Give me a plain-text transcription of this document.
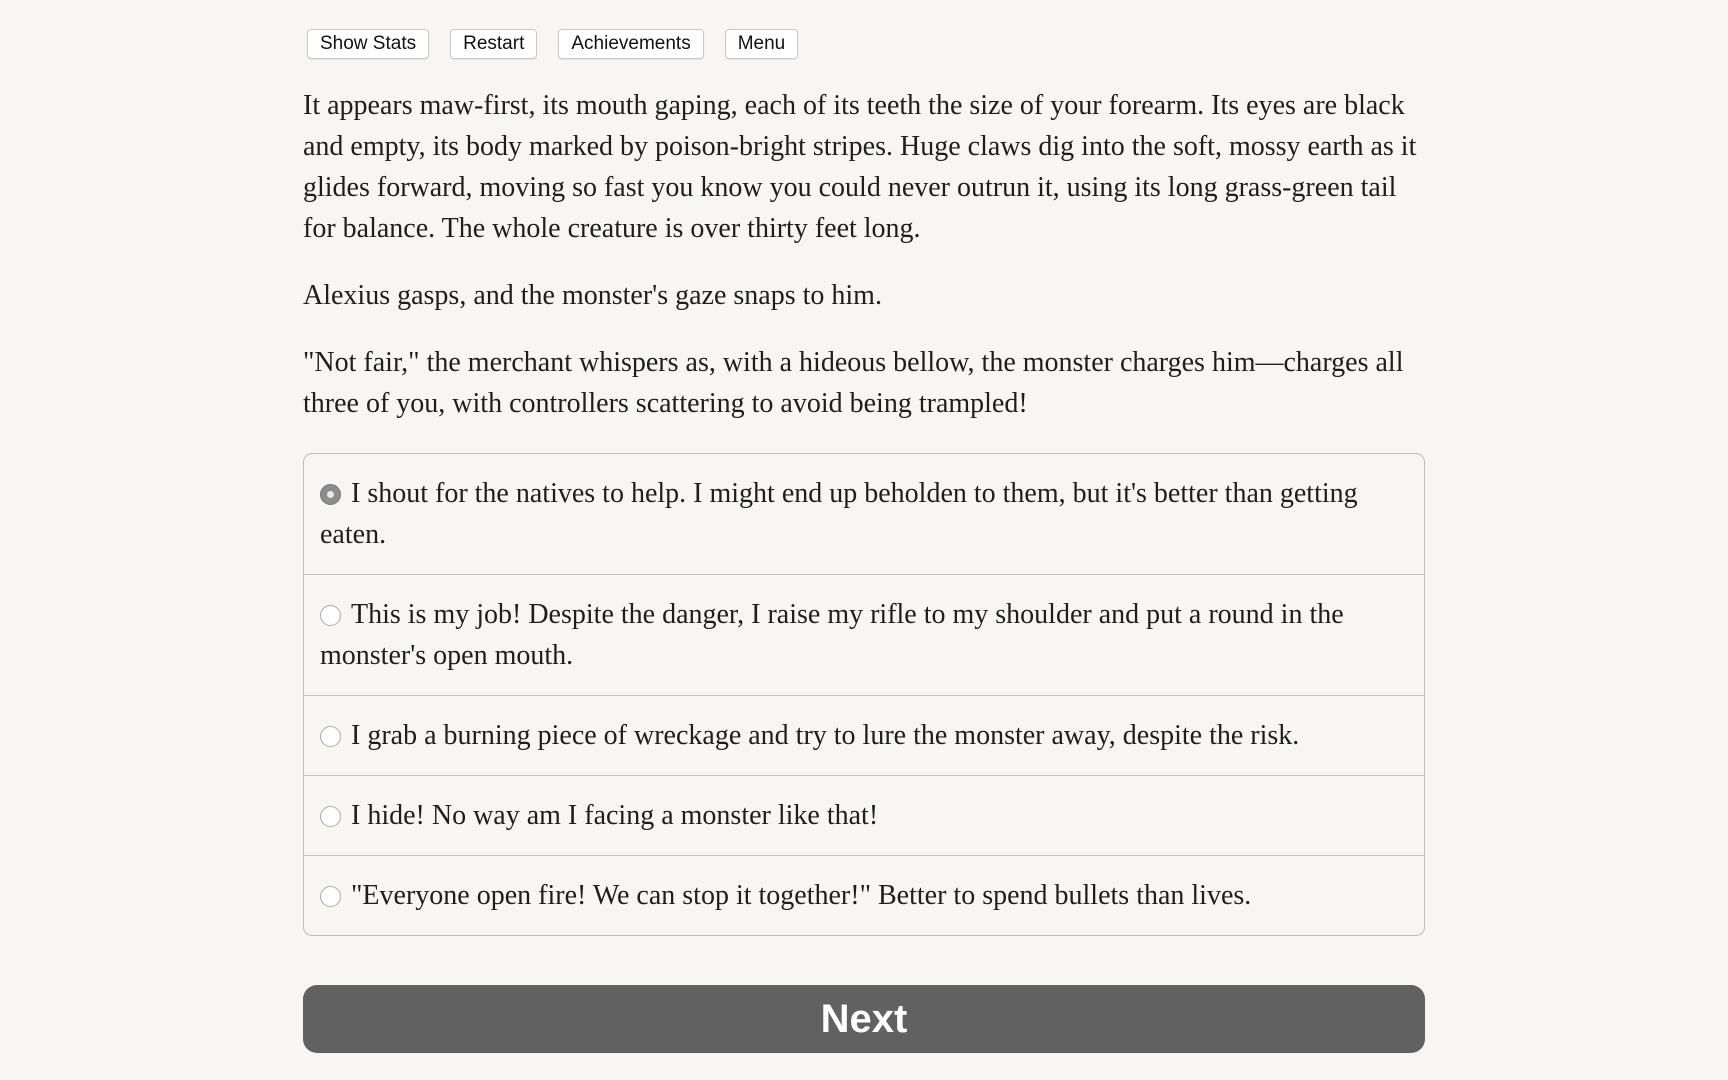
Show Stats	Restart	Achievements	Menu

It appears maw-first, its mouth gaping, each of its teeth the size of your forearm. Its eyes are black and empty, its body marked by poison-bright stripes. Huge claws dig into the soft, mossy earth as it glides forward, moving so fast you know you could never outrun it, using its long grass-green tail for balance. The whole creature is over thirty feet long.

Alexius gasps, and the monster's gaze snaps to him.

"Not fair," the merchant whispers as, with a hideous bellow, the monster charges him—charges all three of you, with controllers scattering to avoid being trampled!

I shout for the natives to help. I might end up beholden to them, but it's better than getting eaten.
This is my job! Despite the danger, I raise my rifle to my shoulder and put a round in the monster's open mouth.
I grab a burning piece of wreckage and try to lure the monster away, despite the risk.
I hide! No way am I facing a monster like that!
"Everyone open fire! We can stop it together!" Better to spend bullets than lives.
Next
